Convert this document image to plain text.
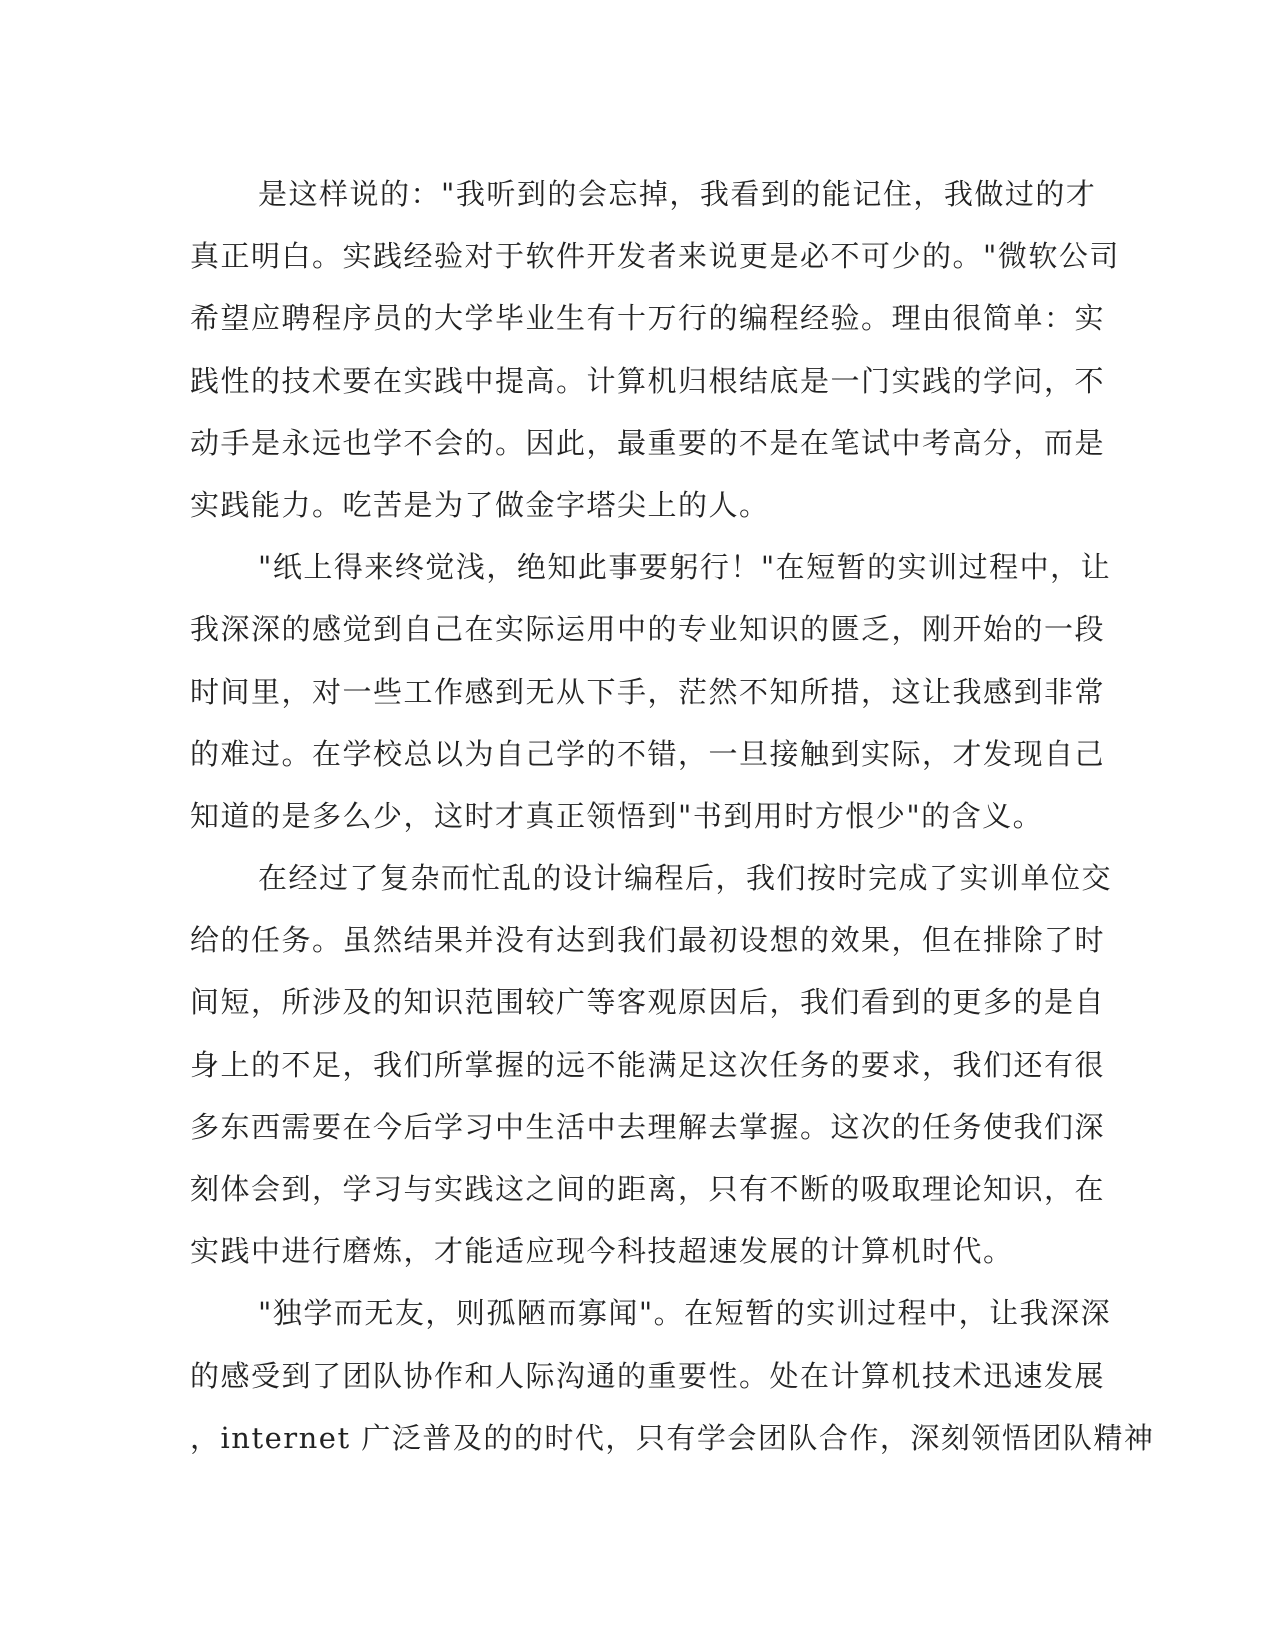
是这样说的："我听到的会忘掉，我看到的能记住，我做过的才
真正明白。实践经验对于软件开发者来说更是必不可少的。"微软公司
希望应聘程序员的大学毕业生有十万行的编程经验。理由很简单：实
践性的技术要在实践中提高。计算机归根结底是一门实践的学问，不
动手是永远也学不会的。因此，最重要的不是在笔试中考高分，而是
实践能力。吃苦是为了做金字塔尖上的人。
"纸上得来终觉浅，绝知此事要躬行！"在短暂的实训过程中，让
我深深的感觉到自己在实际运用中的专业知识的匮乏，刚开始的一段
时间里，对一些工作感到无从下手，茫然不知所措，这让我感到非常
的难过。在学校总以为自己学的不错，一旦接触到实际，才发现自己
知道的是多么少，这时才真正领悟到"书到用时方恨少"的含义。
在经过了复杂而忙乱的设计编程后，我们按时完成了实训单位交
给的任务。虽然结果并没有达到我们最初设想的效果，但在排除了时
间短，所涉及的知识范围较广等客观原因后，我们看到的更多的是自
身上的不足，我们所掌握的远不能满足这次任务的要求，我们还有很
多东西需要在今后学习中生活中去理解去掌握。这次的任务使我们深
刻体会到，学习与实践这之间的距离，只有不断的吸取理论知识，在
实践中进行磨炼，才能适应现今科技超速发展的计算机时代。
"独学而无友，则孤陋而寡闻"。在短暂的实训过程中，让我深深
的感受到了团队协作和人际沟通的重要性。处在计算机技术迅速发展
，internet 广泛普及的的时代，只有学会团队合作，深刻领悟团队精神
